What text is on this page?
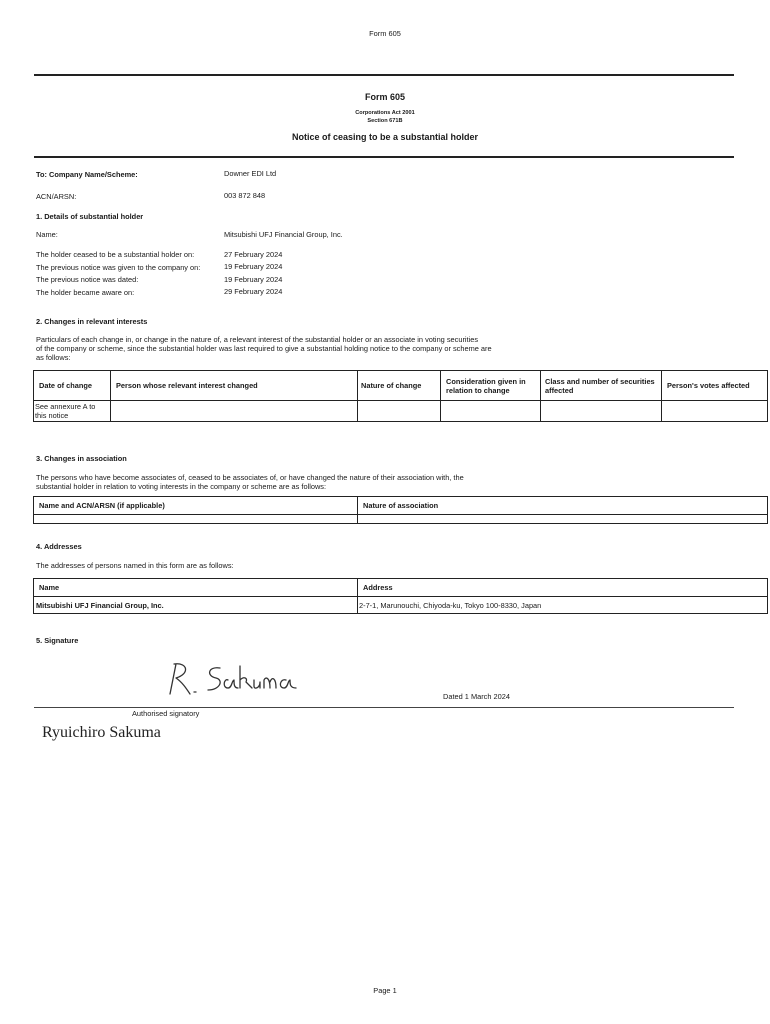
Form 605
Form 605
Corporations Act 2001
Section 671B
Notice of ceasing to be a substantial holder
To: Company Name/Scheme:	Downer EDI Ltd
ACN/ARSN:	003 872 848
1. Details of substantial holder
Name:	Mitsubishi UFJ Financial Group, Inc.
The holder ceased to be a substantial holder on:	27 February 2024
The previous notice was given to the company on:	19 February 2024
The previous notice was dated:	19 February 2024
The holder became aware on:	29 February 2024
2. Changes in relevant interests
Particulars of each change in, or change in the nature of, a relevant interest of the substantial holder or an associate in voting securities
of the company or scheme, since the substantial holder was last required to give a substantial holding notice to the company or scheme are
as follows:
Date of change	Person whose relevant interest changed	Nature of change	Consideration given in relation to change	Class and number of securities affected	Person's votes affected
See annexure A to this notice					
3. Changes in association
The persons who have become associates of, ceased to be associates of, or have changed the nature of their association with, the
substantial holder in relation to voting interests in the company or scheme are as follows:
Name and ACN/ARSN (if applicable)	Nature of association

4. Addresses
The addresses of persons named in this form are as follows:
Name	Address
Mitsubishi UFJ Financial Group, Inc.	2-7-1, Marunouchi, Chiyoda-ku, Tokyo 100-8330, Japan
5. Signature
Dated 1 March 2024
Authorised signatory
Ryuichiro Sakuma
Page 1
